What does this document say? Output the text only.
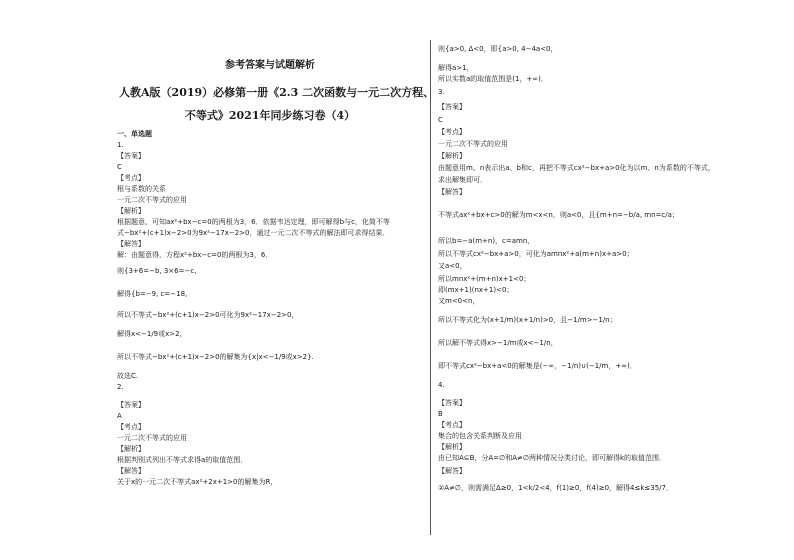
参考答案与试题解析
人教A版（2019）必修第一册《2.3 二次函数与一元二次方程、
不等式》2021年同步练习卷（4）
一、单选题
1.
【答案】
C
【考点】
根与系数的关系
一元二次不等式的应用
【解析】
根据题意，可知ax²+bx−c=0的两根为3，6．依据韦达定理，即可解得b与c，化简不等
式−bx²+(c+1)x−2>0为9x²−17x−2>0，通过一元二次不等式的解法即可求得结果．
【解答】
解：由题意得，方程x²+bx−c=0的两根为3，6．
则{3+6=−b, 3×6=−c,
解得{b=−9, c=−18,
所以不等式−bx²+(c+1)x−2>0可化为9x²−17x−2>0，
解得x<−1/9或x>2，
所以不等式−bx²+(c+1)x−2>0的解集为{x|x<−1/9或x>2}.
故选C.
2.
【答案】
A
【考点】
一元二次不等式的应用
【解析】
根据判别式列出不等式求得a的取值范围．
【解答】
关于x的一元二次不等式ax²+2x+1>0的解集为R，
则{a>0, Δ<0，即{a>0, 4−4a<0，
解得a>1，
所以实数a的取值范围是(1，+∞)．
3.
【答案】
C
【考点】
一元二次不等式的应用
【解析】
由题意用m、n表示出a、b和c，再把不等式cx²−bx+a>0化为以m、n为系数的不等式，
求出解集即可．
【解答】
不等式ax²+bx+c>0的解为m<x<n，则a<0，且{m+n=−b/a, mn=c/a；
所以b=−a(m+n)，c=amn，
所以不等式cx²−bx+a>0，可化为amnx²+a(m+n)x+a>0；
又a<0，
所以mnx²+(m+n)x+1<0；
即(mx+1)(nx+1)<0；
又m<0<n，
所以不等式化为(x+1/m)(x+1/n)>0，且−1/m>−1/n；
所以解不等式得x>−1/m或x<−1/n，
即不等式cx²−bx+a<0的解集是(−∞，−1/n)∪(−1/m，+∞)．
4.
【答案】
B
【考点】
集合的包含关系判断及应用
【解析】
由已知A⊆B，分A=∅和A≠∅两种情况分类讨论，即可解得k的取值范围．
【解答】
②A≠∅，则需满足Δ≥0，1<k/2<4，f(1)≥0，f(4)≥0，解得4≤k≤35/7．
